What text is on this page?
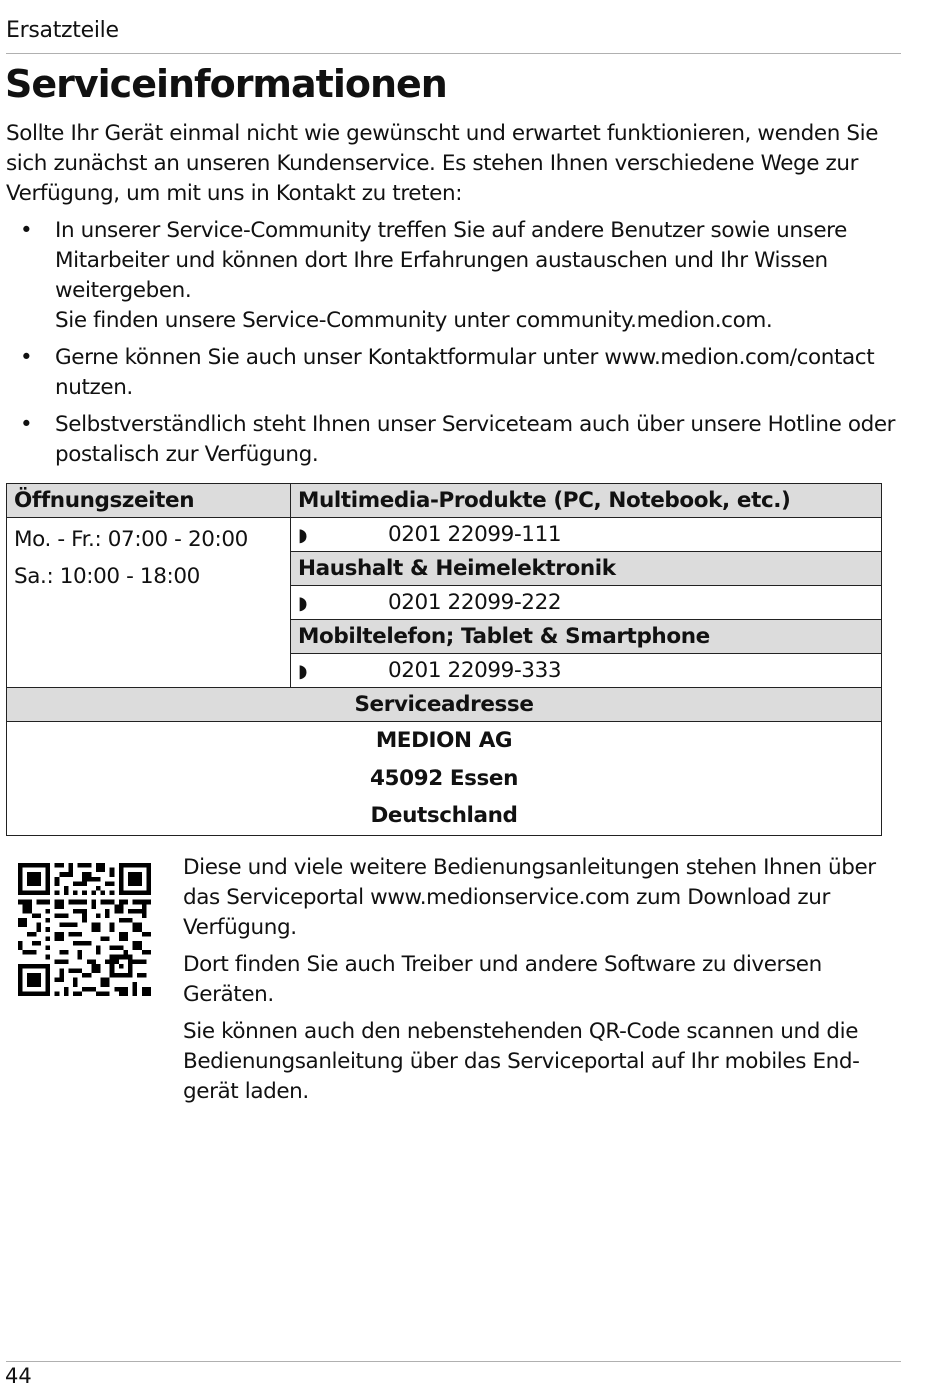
Ersatzteile
Serviceinformationen

Sollte Ihr Gerät einmal nicht wie gewünscht und erwartet funktionieren, wenden Sie sich zunächst an unseren Kundenservice. Es stehen Ihnen verschiedene Wege zur Verfügung, um mit uns in Kontakt zu treten:

• In unserer Service-Community treffen Sie auf andere Benutzer sowie unsere Mitarbeiter und können dort Ihre Erfahrungen austauschen und Ihr Wissen weitergeben.
Sie finden unsere Service-Community unter community.medion.com.
• Gerne können Sie auch unser Kontaktformular unter www.medion.com/contact nutzen.
• Selbstverständlich steht Ihnen unser Serviceteam auch über unsere Hotline oder postalisch zur Verfügung.
Öffnungszeiten	Multimedia-Produkte (PC, Notebook, etc.)

Mo. - Fr.: 07:00 - 20:00
Sa.: 10:00 - 18:00	◗ 0201 22099-111
	Haushalt & Heimelektronik
	◗ 0201 22099-222
	Mobiltelefon; Tablet & Smartphone
	◗ 0201 22099-333
Serviceadresse	

MEDION AG
45092 Essen
Deutschland	

Diese und viele weitere Bedienungsanleitungen stehen Ihnen über das Serviceportal www.medionservice.com zum Download zur Verfügung.

Dort finden Sie auch Treiber und andere Software zu diversen Geräten.

Sie können auch den nebenstehenden QR-Code scannen und die Bedienungsanleitung über das Serviceportal auf Ihr mobiles End-gerät laden.

44
